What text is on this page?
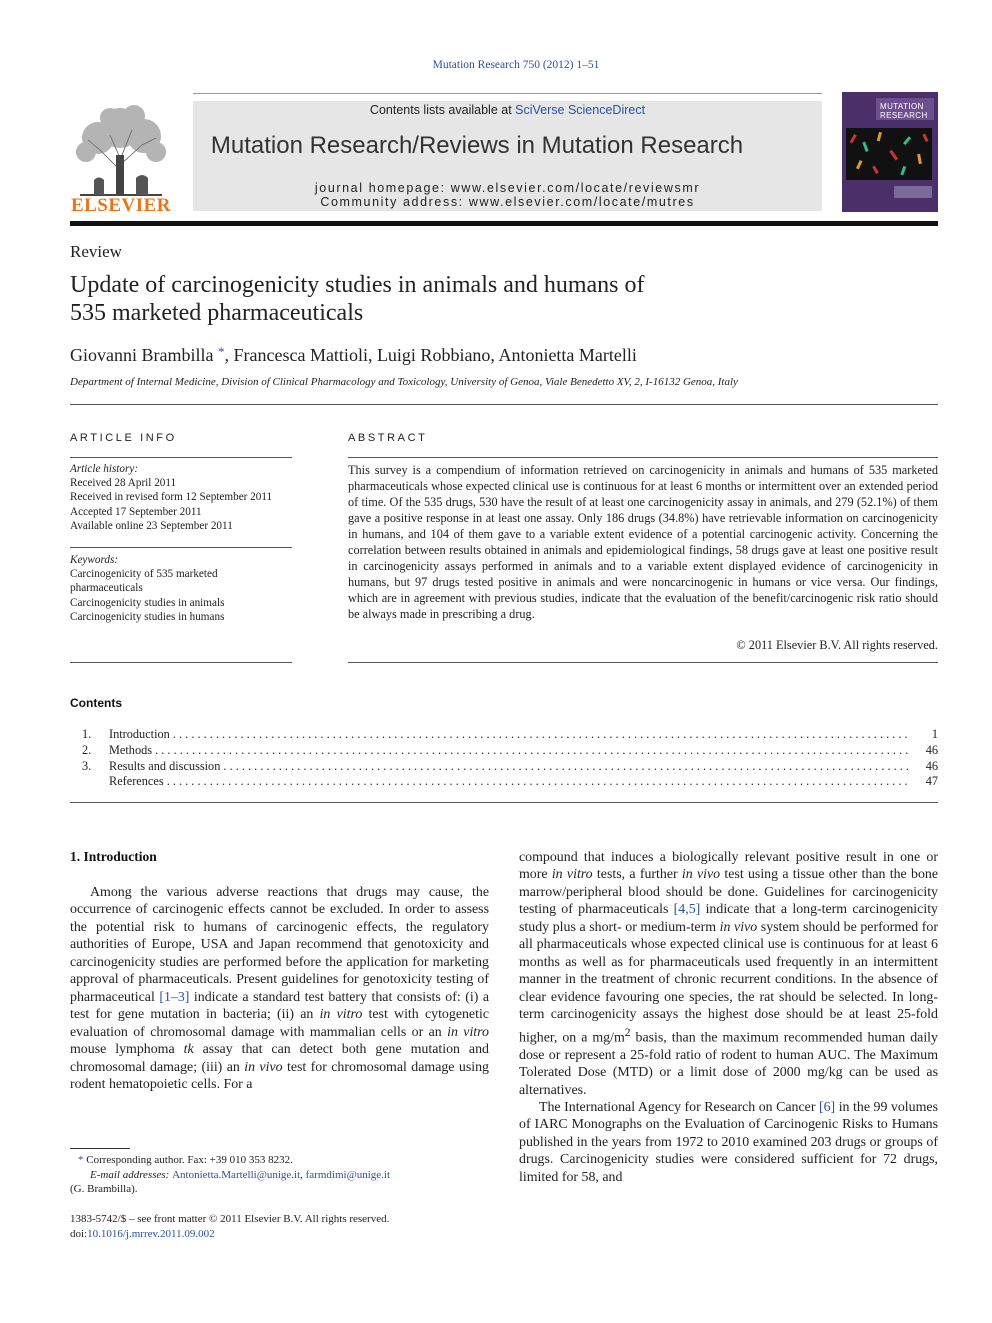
Mutation Research 750 (2012) 1–51
ELSEVIER
Contents lists available at SciVerse ScienceDirect
Mutation Research/Reviews in Mutation Research
journal homepage: www.elsevier.com/locate/reviewsmr
Community address: www.elsevier.com/locate/mutres
MUTATION
RESEARCH
Review
Update of carcinogenicity studies in animals and humans of
535 marketed pharmaceuticals
Giovanni Brambilla *, Francesca Mattioli, Luigi Robbiano, Antonietta Martelli
Department of Internal Medicine, Division of Clinical Pharmacology and Toxicology, University of Genoa, Viale Benedetto XV, 2, I-16132 Genoa, Italy
ARTICLE INFO
Article history:
Received 28 April 2011
Received in revised form 12 September 2011
Accepted 17 September 2011
Available online 23 September 2011
Keywords:
Carcinogenicity of 535 marketed
pharmaceuticals
Carcinogenicity studies in animals
Carcinogenicity studies in humans
ABSTRACT
This survey is a compendium of information retrieved on carcinogenicity in animals and humans of 535 marketed pharmaceuticals whose expected clinical use is continuous for at least 6 months or intermittent over an extended period of time. Of the 535 drugs, 530 have the result of at least one carcinogenicity assay in animals, and 279 (52.1%) of them gave a positive response in at least one assay. Only 186 drugs (34.8%) have retrievable information on carcinogenicity in humans, and 104 of them gave to a variable extent evidence of a potential carcinogenic activity. Concerning the correlation between results obtained in animals and epidemiological findings, 58 drugs gave at least one positive result in carcinogenicity assays performed in animals and to a variable extent displayed evidence of carcinogenicity in humans, but 97 drugs tested positive in animals and were noncarcinogenic in humans or vice versa. Our findings, which are in agreement with previous studies, indicate that the evaluation of the benefit/carcinogenic risk ratio should be always made in prescribing a drug.
© 2011 Elsevier B.V. All rights reserved.
Contents
1. Introduction . . .	1
2. Methods . . .	46
3. Results and discussion . . .	46
References . . .	47
1. Introduction

Among the various adverse reactions that drugs may cause, the occurrence of carcinogenic effects cannot be excluded. In order to assess the potential risk to humans of carcinogenic effects, the regulatory authorities of Europe, USA and Japan recommend that genotoxicity and carcinogenicity studies are performed before the application for marketing approval of pharmaceuticals. Present guidelines for genotoxicity testing of pharmaceutical [1–3] indicate a standard test battery that consists of: (i) a test for gene mutation in bacteria; (ii) an in vitro test with cytogenetic evaluation of chromosomal damage with mammalian cells or an in vitro mouse lymphoma tk assay that can detect both gene mutation and chromosomal damage; (iii) an in vivo test for chromosomal damage using rodent hematopoietic cells. For a

compound that induces a biologically relevant positive result in one or more in vitro tests, a further in vivo test using a tissue other than the bone marrow/peripheral blood should be done. Guidelines for carcinogenicity testing of pharmaceuticals [4,5] indicate that a long-term carcinogenicity study plus a short- or medium-term in vivo system should be performed for all pharmaceuticals whose expected clinical use is continuous for at least 6 months as well as for pharmaceuticals used frequently in an intermittent manner in the treatment of chronic recurrent conditions. In the absence of clear evidence favouring one species, the rat should be selected. In long-term carcinogenicity assays the highest dose should be at least 25-fold higher, on a $mg/m^2$ basis, than the maximum recommended human daily dose or represent a 25-fold ratio of rodent to human AUC. The Maximum Tolerated Dose (MTD) or a limit dose of 2000 mg/kg can be used as alternatives.

The International Agency for Research on Cancer [6] in the 99 volumes of IARC Monographs on the Evaluation of Carcinogenic Risks to Humans published in the years from 1972 to 2010 examined 203 drugs or groups of drugs. Carcinogenicity studies were considered sufficient for 72 drugs, limited for 58, and

* Corresponding author. Fax: +39 010 353 8232.
E-mail addresses: Antonietta.Martelli@unige.it, farmdimi@unige.it
(G. Brambilla).
1383-5742/$ – see front matter © 2011 Elsevier B.V. All rights reserved.
doi:10.1016/j.mrrev.2011.09.002
